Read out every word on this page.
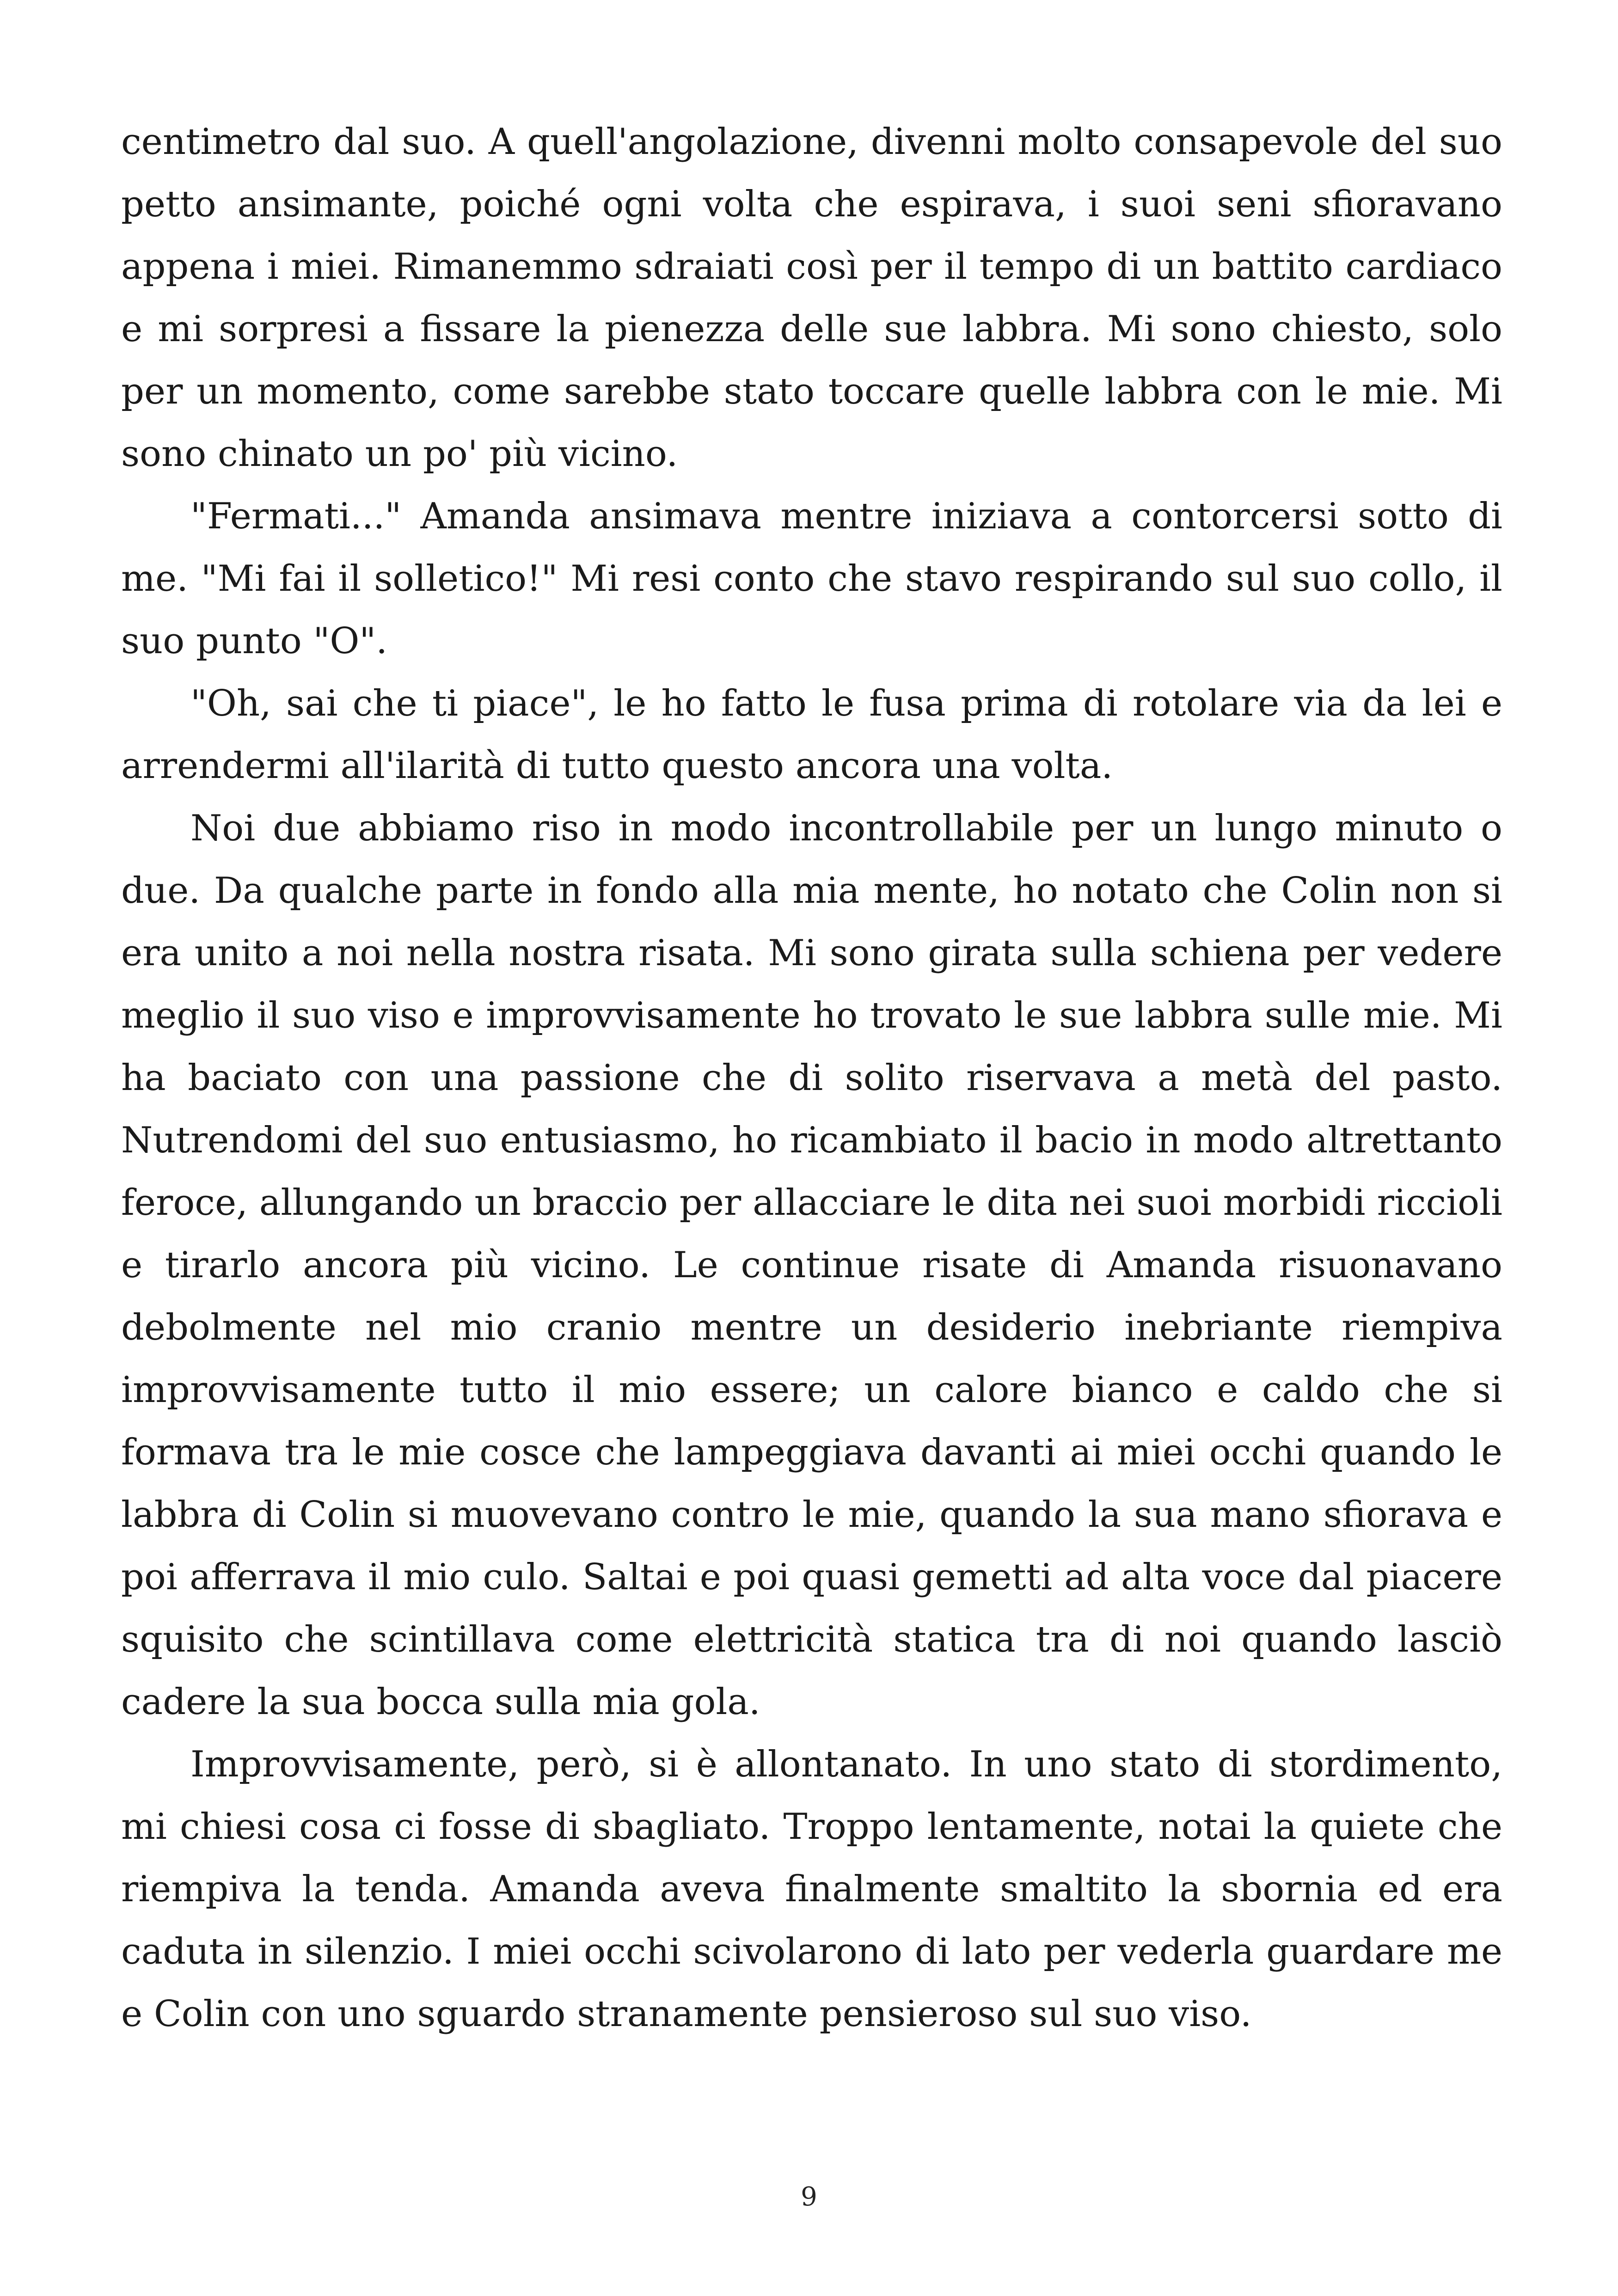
centimetro dal suo. A quell'angolazione, divenni molto consapevole del suo petto ansimante, poiché ogni volta che espirava, i suoi seni sfioravano appena i miei. Rimanemmo sdraiati così per il tempo di un battito cardiaco e mi sorpresi a fissare la pienezza delle sue labbra. Mi sono chiesto, solo per un momento, come sarebbe stato toccare quelle labbra con le mie. Mi sono chinato un po' più vicino.

"Fermati..." Amanda ansimava mentre iniziava a contorcersi sotto di me. "Mi fai il solletico!" Mi resi conto che stavo respirando sul suo collo, il suo punto "O".

"Oh, sai che ti piace", le ho fatto le fusa prima di rotolare via da lei e arrendermi all'ilarità di tutto questo ancora una volta.

Noi due abbiamo riso in modo incontrollabile per un lungo minuto o due. Da qualche parte in fondo alla mia mente, ho notato che Colin non si era unito a noi nella nostra risata. Mi sono girata sulla schiena per vedere meglio il suo viso e improvvisamente ho trovato le sue labbra sulle mie. Mi ha baciato con una passione che di solito riservava a metà del pasto. Nutrendomi del suo entusiasmo, ho ricambiato il bacio in modo altrettanto feroce, allungando un braccio per allacciare le dita nei suoi morbidi riccioli e tirarlo ancora più vicino. Le continue risate di Amanda risuonavano debolmente nel mio cranio mentre un desiderio inebriante riempiva improvvisamente tutto il mio essere; un calore bianco e caldo che si formava tra le mie cosce che lampeggiava davanti ai miei occhi quando le labbra di Colin si muovevano contro le mie, quando la sua mano sfiorava e poi afferrava il mio culo. Saltai e poi quasi gemetti ad alta voce dal piacere squisito che scintillava come elettricità statica tra di noi quando lasciò cadere la sua bocca sulla mia gola.

Improvvisamente, però, si è allontanato. In uno stato di stordimento, mi chiesi cosa ci fosse di sbagliato. Troppo lentamente, notai la quiete che riempiva la tenda. Amanda aveva finalmente smaltito la sbornia ed era caduta in silenzio. I miei occhi scivolarono di lato per vederla guardare me e Colin con uno sguardo stranamente pensieroso sul suo viso.

9
